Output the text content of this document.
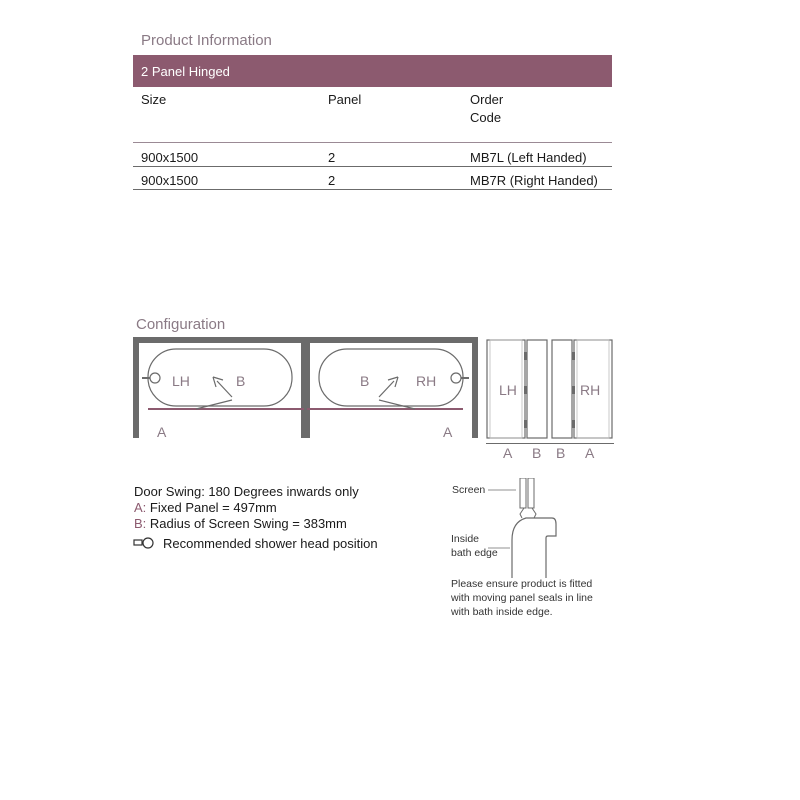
Product Information
2 Panel Hinged
Size	Panel	Order
Code
900x1500	2	MB7L (Left Handed)
900x1500	2	MB7R (Right Handed)
Configuration
LH	B
A
B	RH
A
LH	RH
A B B A
Door Swing: 180 Degrees inwards only
A: Fixed Panel = 497mm
B: Radius of Screen Swing = 383mm
Recommended shower head position
Screen
Inside
bath edge
Please ensure product is fitted
with moving panel seals in line
with bath inside edge.
